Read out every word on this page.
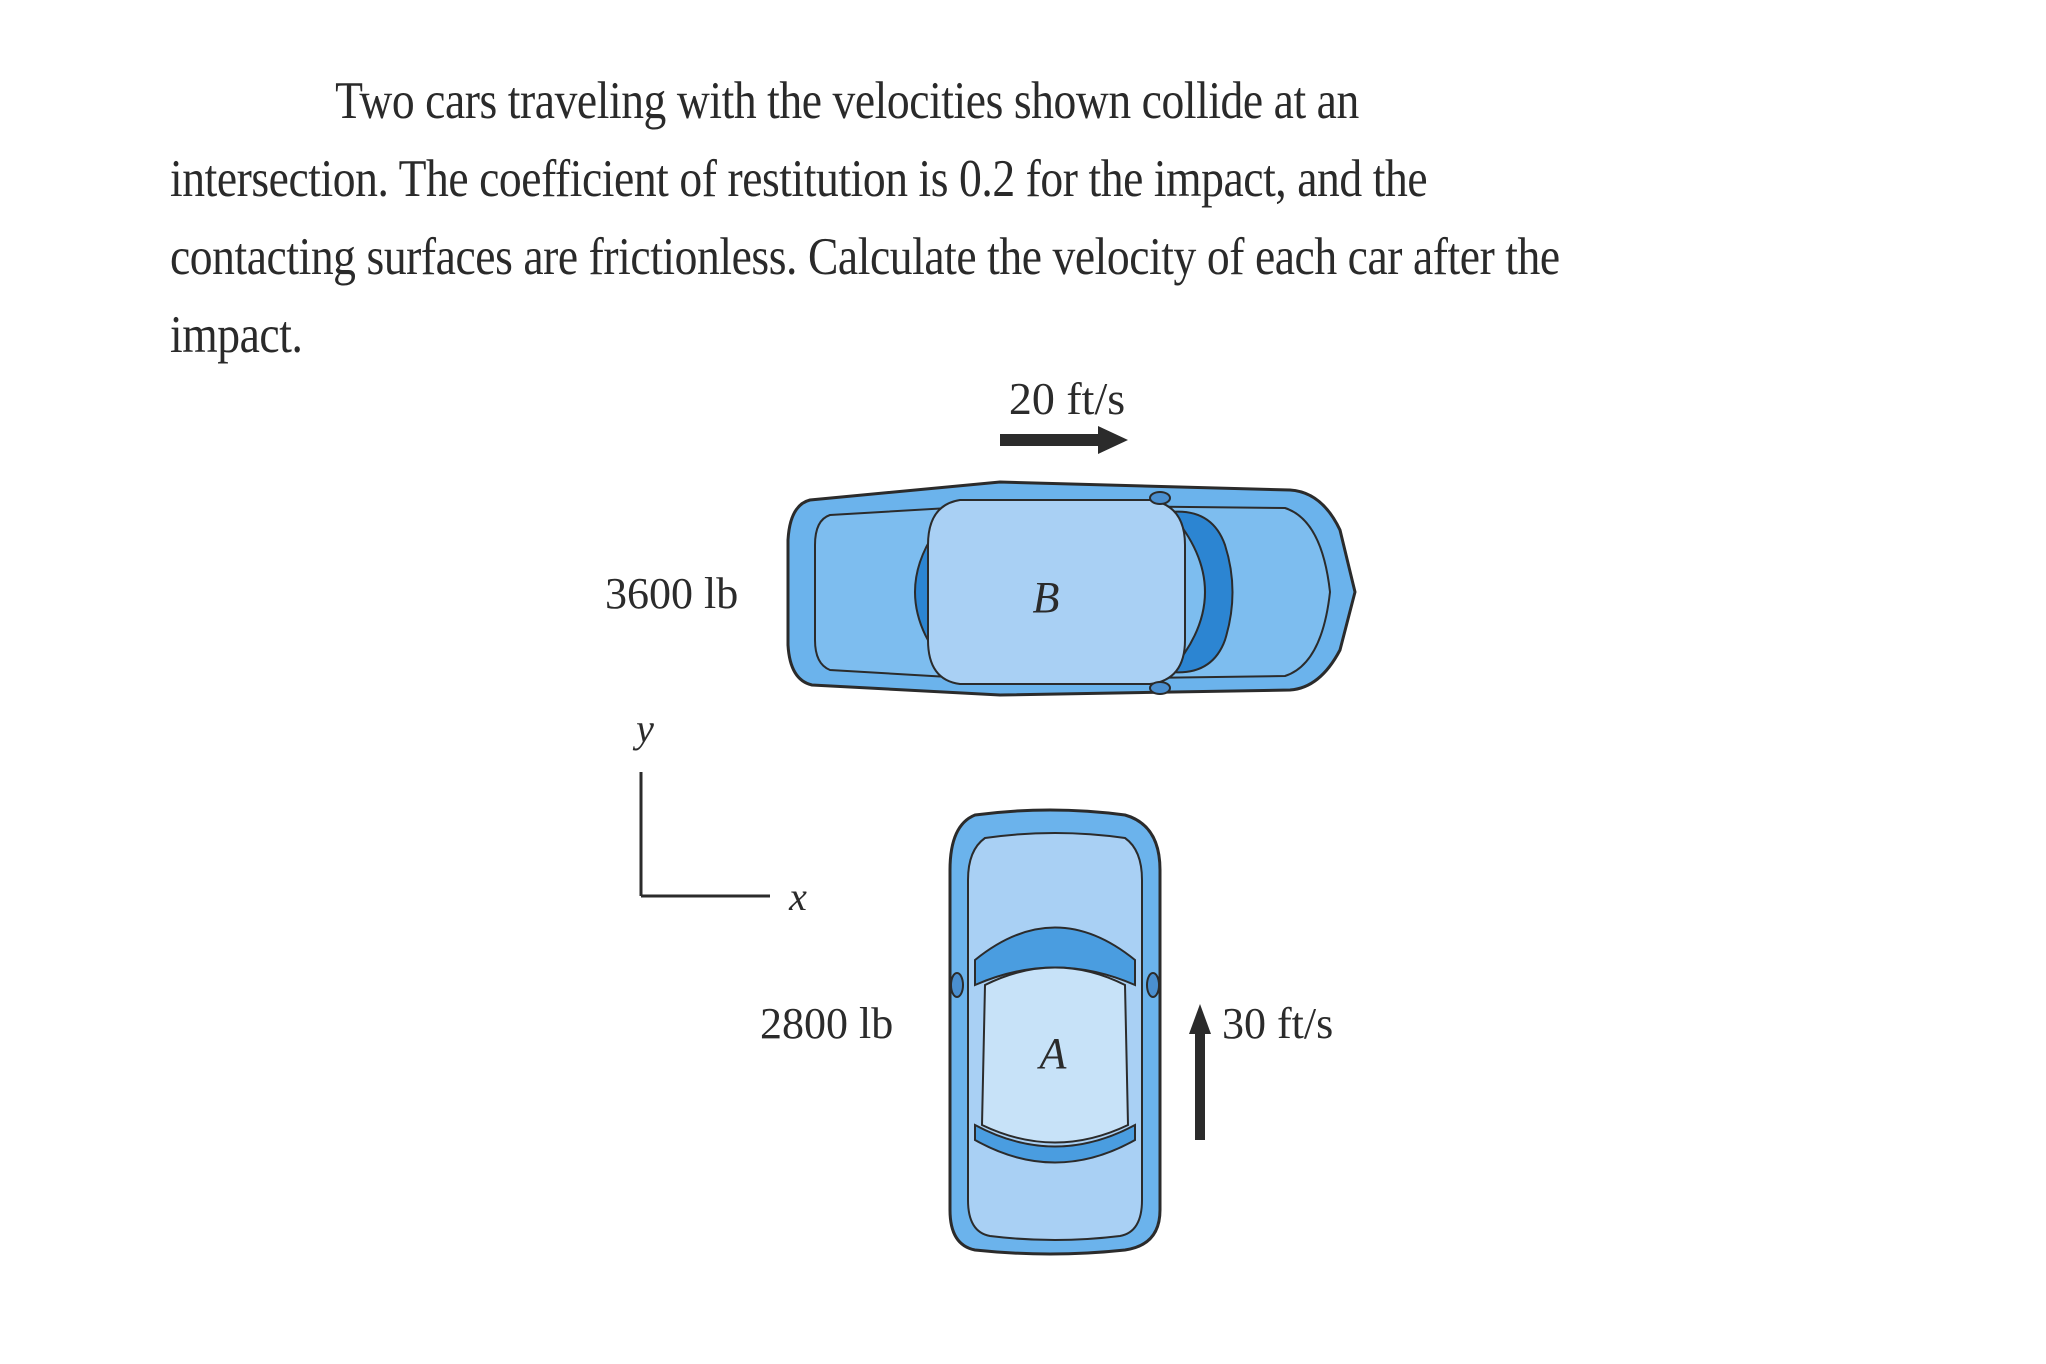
Two cars traveling with the velocities shown collide at an intersection. The coefficient of restitution is 0.2 for the impact, and the contacting surfaces are frictionless. Calculate the velocity of each car after the impact.
20 ft/s
B
3600 lb
y
x
A
2800 lb	30 ft/s
